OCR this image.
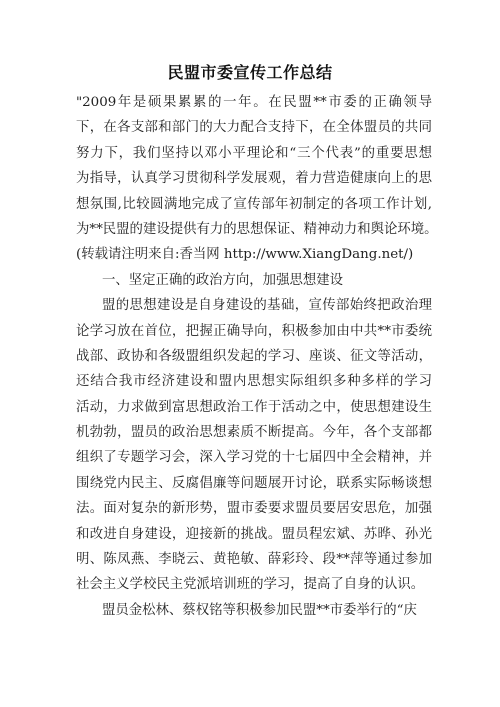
民盟市委宣传工作总结
"2009年是硕果累累的一年。在民盟**市委的正确领导
下，在各支部和部门的大力配合支持下，在全体盟员的共同
努力下，我们坚持以邓小平理论和“三个代表”的重要思想
为指导，认真学习贯彻科学发展观，着力营造健康向上的思
想氛围,比较圆满地完成了宣传部年初制定的各项工作计划,
为**民盟的建设提供有力的思想保证、精神动力和舆论环境。
(转载请注明来自:香当网 http://www.XiangDang.net/)
一、坚定正确的政治方向，加强思想建设
盟的思想建设是自身建设的基础，宣传部始终把政治理
论学习放在首位，把握正确导向，积极参加由中共**市委统
战部、政协和各级盟组织发起的学习、座谈、征文等活动，
还结合我市经济建设和盟内思想实际组织多种多样的学习
活动，力求做到富思想政治工作于活动之中，使思想建设生
机勃勃，盟员的政治思想素质不断提高。今年，各个支部都
组织了专题学习会，深入学习党的十七届四中全会精神，并
围绕党内民主、反腐倡廉等问题展开讨论，联系实际畅谈想
法。面对复杂的新形势，盟市委要求盟员要居安思危，加强
和改进自身建设，迎接新的挑战。盟员程宏斌、苏晔、孙光
明、陈凤燕、李晓云、黄艳敏、薛彩玲、段**萍等通过参加
社会主义学校民主党派培训班的学习，提高了自身的认识。
盟员金松林、蔡权铭等积极参加民盟**市委举行的“庆
